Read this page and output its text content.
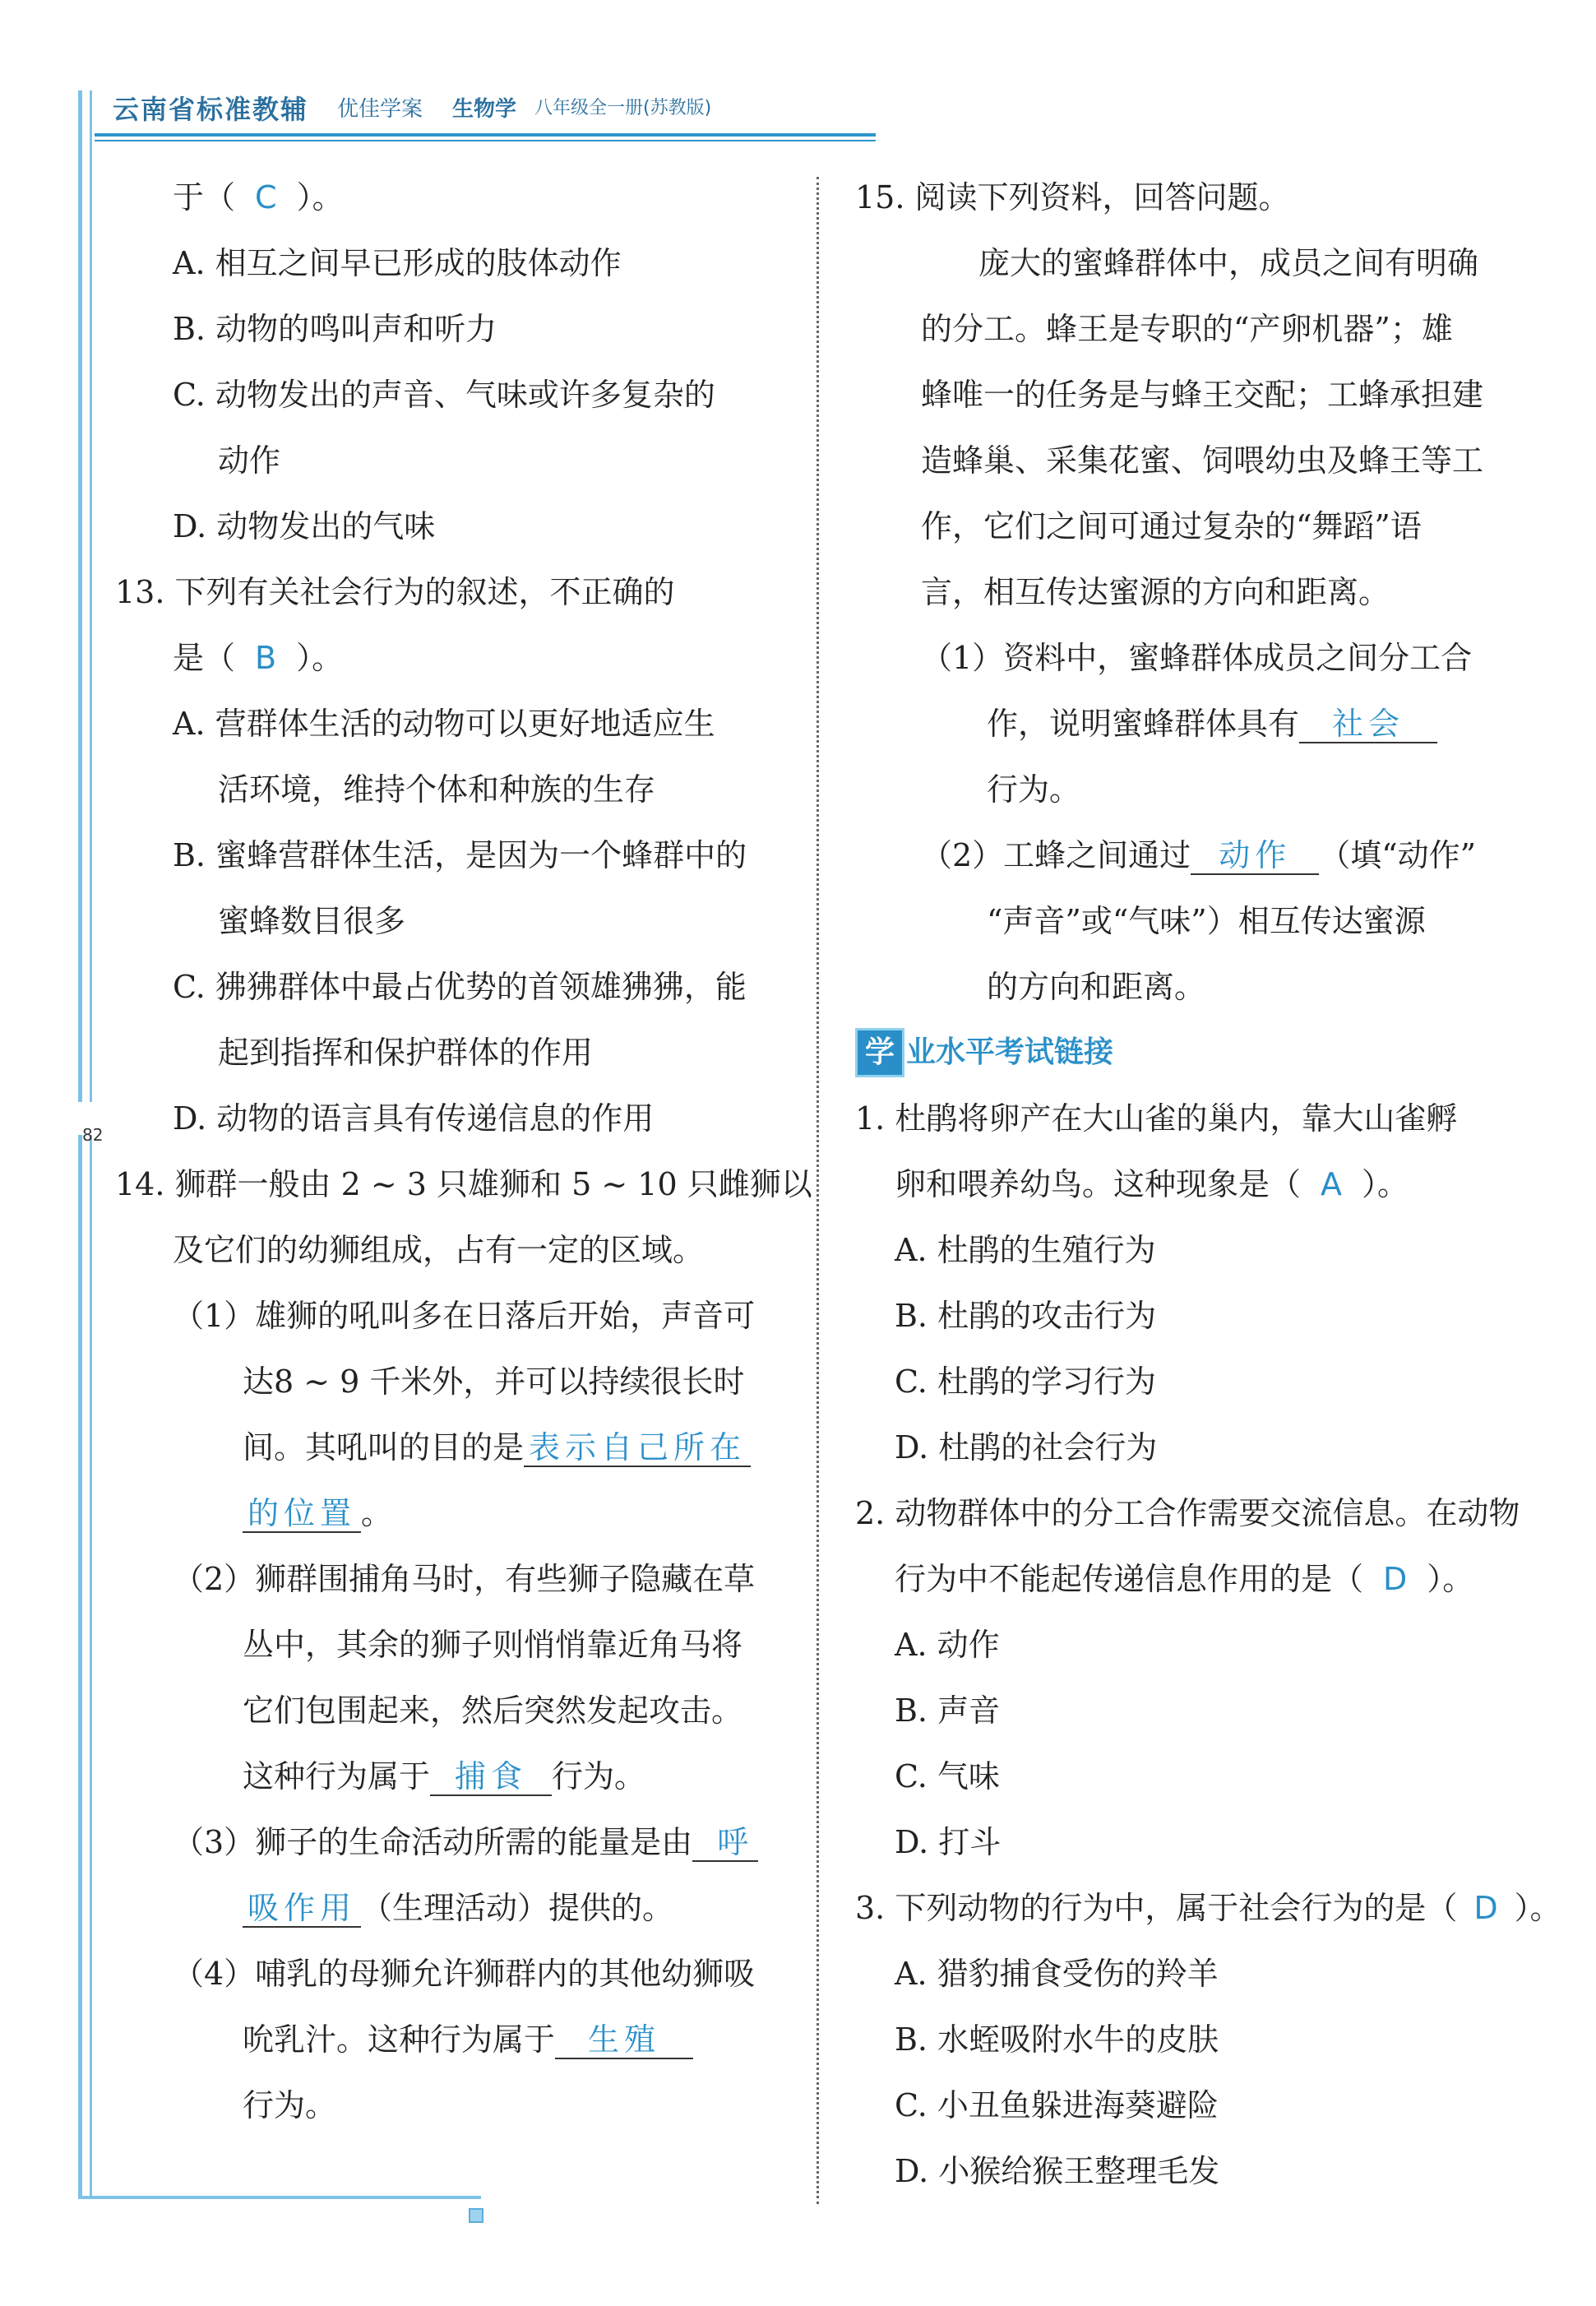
云南省标准教辅 优佳学案 生物学 八年级全一册(苏教版)
82
于（ C ）。
A. 相互之间早已形成的肢体动作
B. 动物的鸣叫声和听力
C. 动物发出的声音、气味或许多复杂的
动作
D. 动物发出的气味
13. 下列有关社会行为的叙述，不正确的
是（ B ）。
A. 营群体生活的动物可以更好地适应生
活环境，维持个体和种族的生存
B. 蜜蜂营群体生活，是因为一个蜂群中的
蜜蜂数目很多
C. 狒狒群体中最占优势的首领雄狒狒，能
起到指挥和保护群体的作用
D. 动物的语言具有传递信息的作用
14. 狮群一般由 2 ~ 3 只雄狮和 5 ~ 10 只雌狮以
及它们的幼狮组成，占有一定的区域。
（1）雄狮的吼叫多在日落后开始，声音可
达8 ~ 9 千米外，并可以持续很长时
间。其吼叫的目的是 表示自己所在
的位置 。
（2）狮群围捕角马时，有些狮子隐藏在草
丛中，其余的狮子则悄悄靠近角马将
它们包围起来，然后突然发起攻击。
这种行为属于 捕食 行为。
（3）狮子的生命活动所需的能量是由 呼
吸作用 （生理活动）提供的。
（4）哺乳的母狮允许狮群内的其他幼狮吸
吮乳汁。这种行为属于 生殖
行为。
15. 阅读下列资料，回答问题。
庞大的蜜蜂群体中，成员之间有明确
的分工。蜂王是专职的“产卵机器”；雄
蜂唯一的任务是与蜂王交配；工蜂承担建
造蜂巢、采集花蜜、饲喂幼虫及蜂王等工
作，它们之间可通过复杂的“舞蹈”语
言，相互传达蜜源的方向和距离。
（1）资料中，蜜蜂群体成员之间分工合
作，说明蜜蜂群体具有 社会
行为。
（2）工蜂之间通过 动作 （填“动作”
“声音”或“气味”）相互传达蜜源
的方向和距离。
学 业水平考试链接
1. 杜鹃将卵产在大山雀的巢内，靠大山雀孵
卵和喂养幼鸟。这种现象是（ A ）。
A. 杜鹃的生殖行为
B. 杜鹃的攻击行为
C. 杜鹃的学习行为
D. 杜鹃的社会行为
2. 动物群体中的分工合作需要交流信息。在动物
行为中不能起传递信息作用的是（ D ）。
A. 动作
B. 声音
C. 气味
D. 打斗
3. 下列动物的行为中，属于社会行为的是（ D ）。
A. 猎豹捕食受伤的羚羊
B. 水蛭吸附水牛的皮肤
C. 小丑鱼躲进海葵避险
D. 小猴给猴王整理毛发
